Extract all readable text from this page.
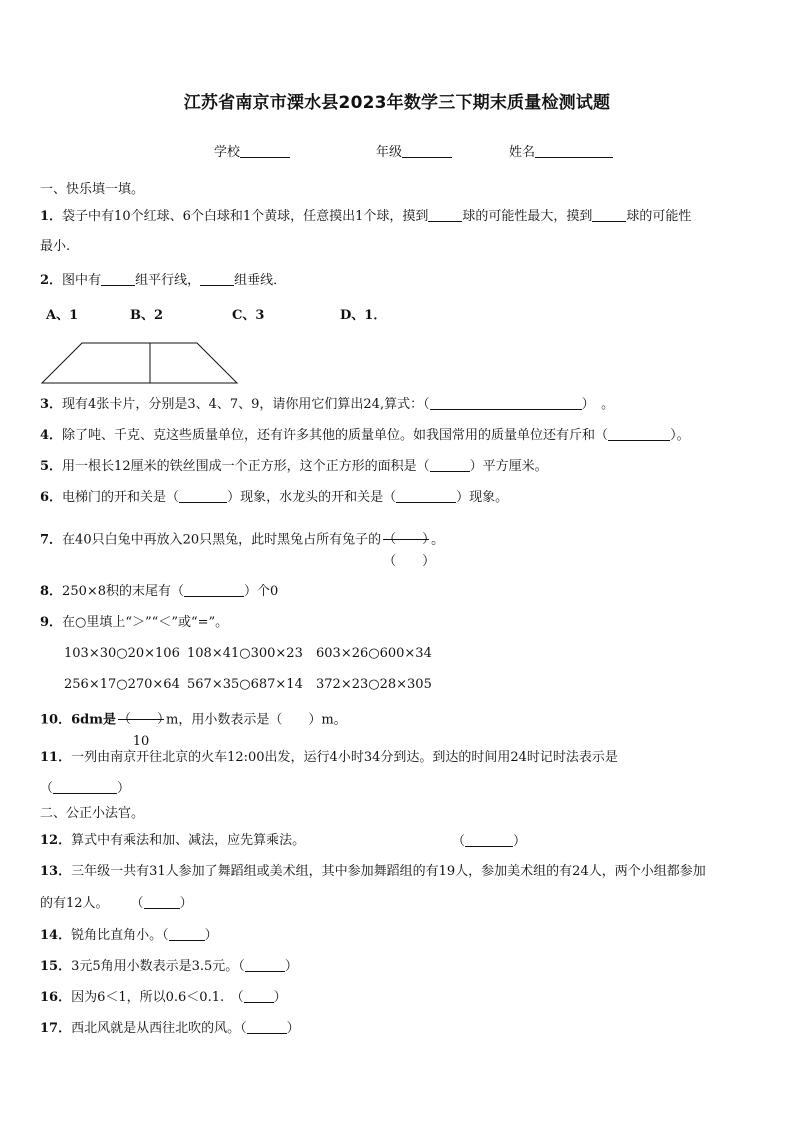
江苏省南京市溧水县2023年数学三下期末质量检测试题
学校	年级	姓名
一、快乐填一填。
1．袋子中有10个红球、6个白球和1个黄球，任意摸出1个球，摸到	球的可能性最大，摸到	球的可能性
最小.
2．图中有	组平行线，	组垂线．
A、1	B、2	C、3	D、1．
3．现有4张卡片，分别是3、4、7、9，请你用它们算出24,算式：（	）　。
4．除了吨、千克、克这些质量单位，还有许多其他的质量单位。如我国常用的质量单位还有斤和（	）。
5．用一根长12厘米的铁丝围成一个正方形，这个正方形的面积是（	）平方厘米。
6．电梯门的开和关是（	）现象，水龙头的开和关是（	）现象。
7．在40只白兔中再放入20只黑兔，此时黑兔占所有兔子的 （　　）
（　　）
。
8．250×8积的末尾有（	）个0
9．在○里填上“＞”“＜”或“=”。
103×30○20×106 108×41○300×23 603×26○600×34
256×17○270×64 567×35○687×14 372×23○28×305
10．6dm是 （　　）
10
m，用小数表示是（　　）m。
11．一列由南京开往北京的火车12:00出发，运行4小时34分到达。到达的时间用24时记时法表示是
（	）
二、公正小法官。
12．算式中有乘法和加、减法，应先算乘法。	（	）
13．三年级一共有31人参加了舞蹈组或美术组，其中参加舞蹈组的有19人，参加美术组的有24人，两个小组都参加
的有12人。 （	）
14．锐角比直角小。（	）
15．3元5角用小数表示是3.5元。（	）
16．因为6＜1，所以0.6＜0.1.　（ ）
17．西北风就是从西往北吹的风。（	）
